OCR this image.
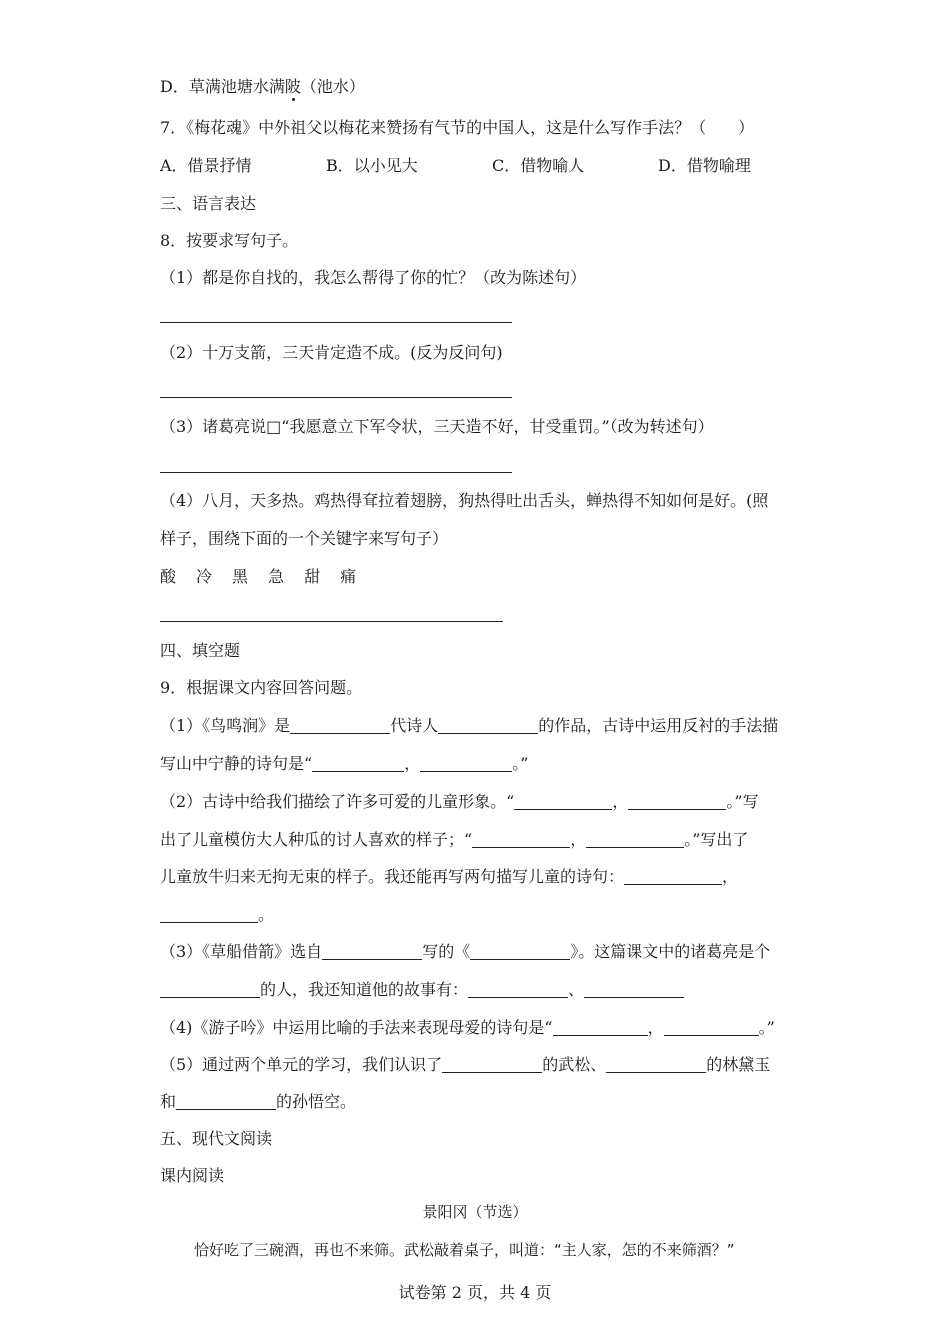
D．草满池塘水满陂（池水）
7．《梅花魂》中外祖父以梅花来赞扬有气节的中国人，这是什么写作手法？（　　）
A．借景抒情	B．以小见大	C．借物喻人	D．借物喻理
三、语言表达
8．按要求写句子。
（1）都是你自找的，我怎么帮得了你的忙？（改为陈述句）
（2）十万支箭，三天肯定造不成。(反为反问句)
（3）诸葛亮说□“我愿意立下军令状，三天造不好，甘受重罚。”（改为转述句）
（4）八月，天多热。鸡热得耷拉着翅膀，狗热得吐出舌头，蝉热得不知如何是好。(照
样子，围绕下面的一个关键字来写句子）
酸 冷 黑 急 甜 痛
四、填空题
9．根据课文内容回答问题。
（1）《鸟鸣涧》是	代诗人	的作品，古诗中运用反衬的手法描
写山中宁静的诗句是“	，	。”
（2）古诗中给我们描绘了许多可爱的儿童形象。“	，	。”写
出了儿童模仿大人种瓜的讨人喜欢的样子；“	，	。”写出了
儿童放牛归来无拘无束的样子。我还能再写两句描写儿童的诗句：	，
。
（3）《草船借箭》选自	写的《	》。这篇课文中的诸葛亮是个
的人，我还知道他的故事有：	、
（4)《游子吟》中运用比喻的手法来表现母爱的诗句是“	，	。”
（5）通过两个单元的学习，我们认识了	的武松、	的林黛玉
和	的孙悟空。
五、现代文阅读
课内阅读
景阳冈（节选）
恰好吃了三碗酒，再也不来筛。武松敲着桌子，叫道：“主人家，怎的不来筛酒？”
试卷第 2 页，共 4 页
